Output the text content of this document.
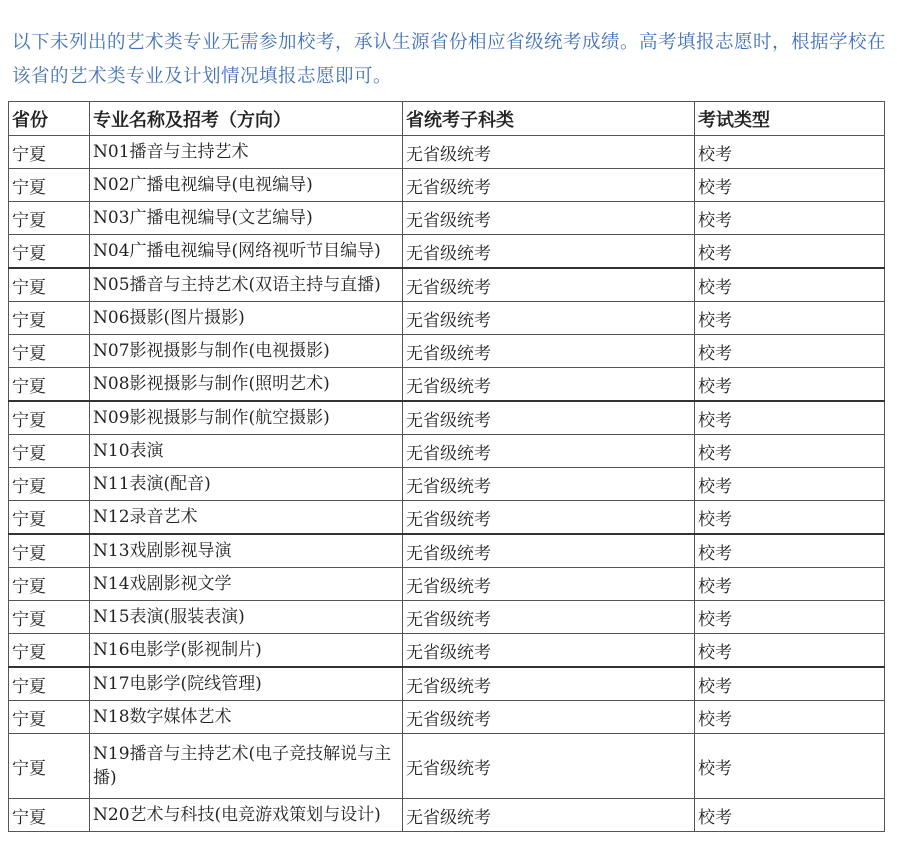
以下未列出的艺术类专业无需参加校考，承认生源省份相应省级统考成绩。高考填报志愿时，根据学校在该省的艺术类专业及计划情况填报志愿即可。

省份	专业名称及招考（方向）	省统考子科类	考试类型
宁夏	N01播音与主持艺术	无省级统考	校考
宁夏	N02广播电视编导(电视编导)	无省级统考	校考
宁夏	N03广播电视编导(文艺编导)	无省级统考	校考
宁夏	N04广播电视编导(网络视听节目编导)	无省级统考	校考
宁夏	N05播音与主持艺术(双语主持与直播)	无省级统考	校考
宁夏	N06摄影(图片摄影)	无省级统考	校考
宁夏	N07影视摄影与制作(电视摄影)	无省级统考	校考
宁夏	N08影视摄影与制作(照明艺术)	无省级统考	校考
宁夏	N09影视摄影与制作(航空摄影)	无省级统考	校考
宁夏	N10表演	无省级统考	校考
宁夏	N11表演(配音)	无省级统考	校考
宁夏	N12录音艺术	无省级统考	校考
宁夏	N13戏剧影视导演	无省级统考	校考
宁夏	N14戏剧影视文学	无省级统考	校考
宁夏	N15表演(服装表演)	无省级统考	校考
宁夏	N16电影学(影视制片)	无省级统考	校考
宁夏	N17电影学(院线管理)	无省级统考	校考
宁夏	N18数字媒体艺术	无省级统考	校考
宁夏	N19播音与主持艺术(电子竞技解说与主播)	无省级统考	校考
宁夏	N20艺术与科技(电竞游戏策划与设计)	无省级统考	校考
